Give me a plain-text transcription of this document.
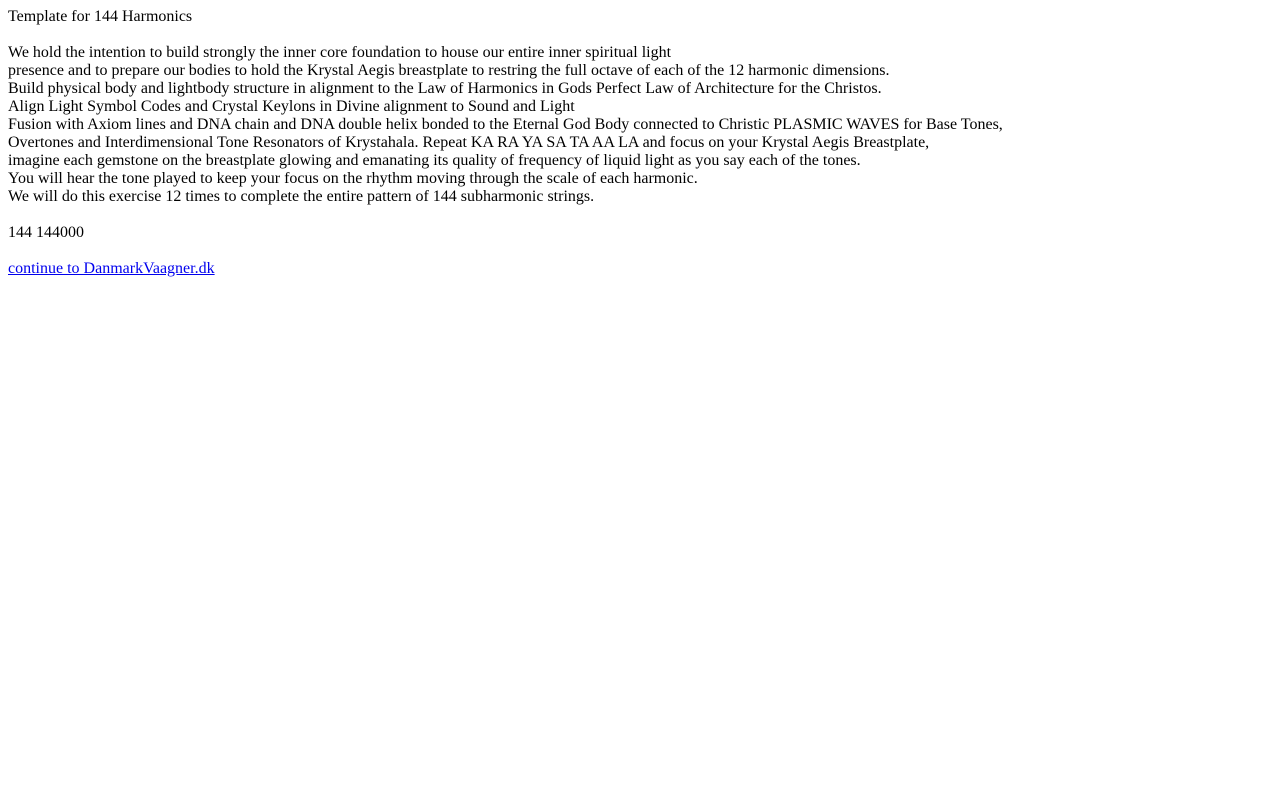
Template for 144 Harmonics
We hold the intention to build strongly the inner core foundation to house our entire inner spiritual light
presence and to prepare our bodies to hold the Krystal Aegis breastplate to restring the full octave of each of the 12 harmonic dimensions.
Build physical body and lightbody structure in alignment to the Law of Harmonics in Gods Perfect Law of Architecture for the Christos.
Align Light Symbol Codes and Crystal Keylons in Divine alignment to Sound and Light
Fusion with Axiom lines and DNA chain and DNA double helix bonded to the Eternal God Body connected to Christic PLASMIC WAVES for Base Tones,
Overtones and Interdimensional Tone Resonators of Krystahala. Repeat KA RA YA SA TA AA LA and focus on your Krystal Aegis Breastplate,
imagine each gemstone on the breastplate glowing and emanating its quality of frequency of liquid light as you say each of the tones.
You will hear the tone played to keep your focus on the rhythm moving through the scale of each harmonic.
We will do this exercise 12 times to complete the entire pattern of 144 subharmonic strings.
144 144000
continue to DanmarkVaagner.dk
